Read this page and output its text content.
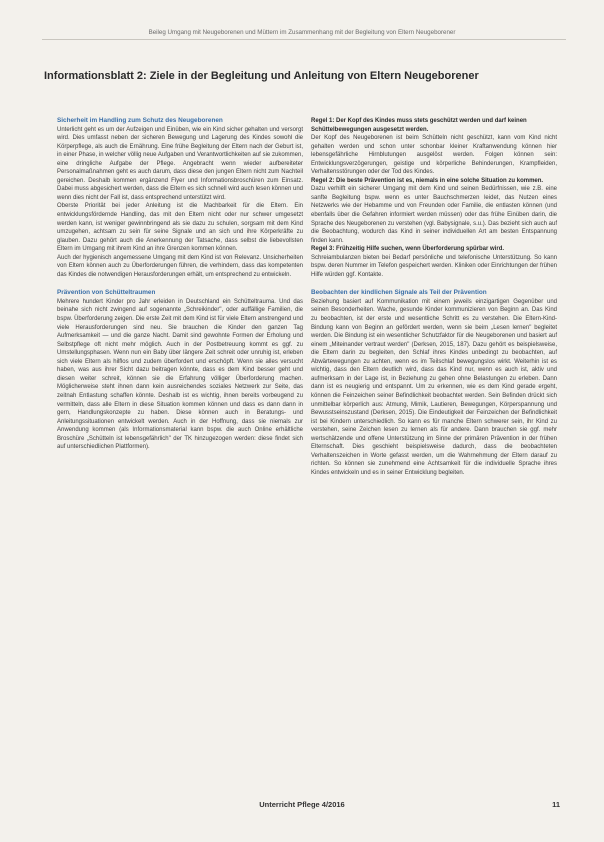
Beileg Umgang mit Neugeborenen und Müttern im Zusammenhang mit der Begleitung von Eltern Neugeborener
Informationsblatt 2: Ziele in der Begleitung und Anleitung von Eltern Neugeborener

Sicherheit im Handling zum Schutz des Neugeborenen

Unterlicht geht es um der Aufzeigen und Einüben, wie ein Kind sicher gehalten und versorgt wird. Dies umfasst neben der sicheren Bewegung und Lagerung des Kindes sowohl die Körperpflege, als auch die Ernährung. Eine frühe Begleitung der Eltern nach der Geburt ist, in einer Phase, in welcher völlig neue Aufgaben und Verantwortlichkeiten auf sie zukommen, eine dringliche Aufgabe der Pflege. Angebracht wenn wieder aufbereiteter Personalmaßnahmen geht es auch darum, dass diese den jungen Eltern nicht zum Nachteil gereichen. Deshalb kommen ergänzend Flyer und Informationsbroschüren zum Einsatz. Dabei muss abgesichert werden, dass die Eltern es sich schnell wird auch lesen können und wenn dies nicht der Fall ist, dass entsprechend unterstützt wird.

Oberste Priorität bei jeder Anleitung ist die Machbarkeit für die Eltern. Ein entwicklungsfördernde Handling, das mit den Eltern nicht oder nur schwer umgesetzt werden kann, ist weniger gewinnbringend als sie dazu zu schulen, sorgsam mit dem Kind umzugehen, achtsam zu sein für seine Signale und an sich und ihre Körperkräfte zu glauben. Dazu gehört auch die Anerkennung der Tatsache, dass selbst die liebevollsten Eltern im Umgang mit ihrem Kind an ihre Grenzen kommen können.

Auch der hygienisch angemessene Umgang mit dem Kind ist von Relevanz. Unsicherheiten von Eltern können auch zu Überforderungen führen, die verhindern, dass das kompetenten das Kindes die notwendigen Herausforderungen erhält, um entsprechend zu entwickeln.

Prävention von Schütteltraumen

Mehrere hundert Kinder pro Jahr erleiden in Deutschland ein Schütteltrauma. Und das beinahe sich nicht zwingend auf sogenannte „Schreikinder", oder auffällige Familien, die bspw. Überforderung zeigen. Die erste Zeit mit dem Kind ist für viele Eltern anstrengend und viele Herausforderungen sind neu. Sie brauchen die Kinder den ganzen Tag Aufmerksamkeit — und die ganze Nacht. Damit sind gewohnte Formen der Erholung und Selbstpflege oft nicht mehr möglich. Auch in der Postbetreuung kommt es ggf. zu Umstellungsphasen. Wenn nun ein Baby über längere Zeit schreit oder unruhig ist, erleben sich viele Eltern als hilflos und zudem überfordert und erschöpft. Wenn sie alles versucht haben, was aus ihrer Sicht dazu beitragen könnte, dass es dem Kind besser geht und diesen weiter schreit, können sie die Erfahrung völliger Überforderung machen. Möglicherweise steht ihnen dann kein ausreichendes soziales Netzwerk zur Seite, das zeitnah Entlastung schaffen könnte. Deshalb ist es wichtig, ihnen bereits vorbeugend zu vermitteln, dass alle Eltern in diese Situation kommen können und dass es dann dann in gern, Handlungskonzepte zu haben. Diese können auch in Beratungs- und Anleitungssituationen entwickelt werden. Auch in der Hoffnung, dass sie niemals zur Anwendung kommen (als Informationsmaterial kann bspw. die auch Online erhältliche Broschüre „Schütteln ist lebensgefährlich" der TK hinzugezogen werden: diese findet sich auf unterschiedlichen Plattformen).

Regel 1: Der Kopf des Kindes muss stets geschützt werden und darf keinen Schüttelbewegungen ausgesetzt werden.

Der Kopf des Neugeborenen ist beim Schütteln nicht geschützt, kann vom Kind nicht gehalten werden und schon unter schonbar kleiner Kraftanwendung können hier lebensgefährliche Hirnblutungen ausgelöst werden. Folgen können sein: Entwicklungsverzögerungen, geistige und körperliche Behinderungen, Krampfleiden, Verhaltensstörungen oder der Tod des Kindes.

Regel 2: Die beste Prävention ist es, niemals in eine solche Situation zu kommen.

Dazu verhilft ein sicherer Umgang mit dem Kind und seinen Bedürfnissen, wie z.B. eine sanfte Begleitung bspw. wenn es unter Bauchschmerzen leidet, das Nutzen eines Netzwerks wie der Hebamme und von Freunden oder Familie, die entlasten können (und ebenfalls über die Gefahren informiert werden müssen) oder das frühe Einüben darin, die Sprache des Neugeborenen zu verstehen (vgl. Babysignale, s.u.). Das bezieht sich auch auf die Beobachtung, wodurch das Kind in seiner individuellen Art am besten Entspannung finden kann.

Regel 3: Frühzeitig Hilfe suchen, wenn Überforderung spürbar wird.

Schreiambulanzen bieten bei Bedarf persönliche und telefonische Unterstützung. So kann bspw. deren Nummer im Telefon gespeichert werden. Kliniken oder Einrichtungen der frühen Hilfe würden ggf. Kontakte.

Beobachten der kindlichen Signale als Teil der Prävention

Beziehung basiert auf Kommunikation mit einem jeweils einzigartigen Gegenüber und seinen Besonderheiten. Wache, gesunde Kinder kommunizieren von Beginn an. Das Kind zu beobachten, ist der erste und wesentliche Schritt es zu verstehen. Die Eltern-Kind-Bindung kann von Beginn an gefördert werden, wenn sie beim „Lesen lernen" begleitet werden. Die Bindung ist ein wesentlicher Schutzfaktor für die Neugeborenen und basiert auf einem „Miteinander vertraut werden" (Derksen, 2015, 187). Dazu gehört es beispielsweise, die Eltern darin zu begleiten, den Schlaf ihres Kindes unbedingt zu beobachten, auf Abwärtewegungen zu achten, wenn es im Teilschlaf bewegungslos wirkt. Weiterhin ist es wichtig, dass den Eltern deutlich wird, dass das Kind nur, wenn es auch ist, aktiv und aufmerksam in der Lage ist, in Beziehung zu gehen ohne Belastungen zu erleben. Dann dann ist es neugierig und entspannt. Um zu erkennen, wie es dem Kind gerade ergeht, können die Feinzeichen seiner Befindlichkeit beobachtet werden. Sein Befinden drückt sich unmittelbar körperlich aus: Atmung, Mimik, Lautieren, Bewegungen, Körperspannung und Bewusstseinszustand (Derksen, 2015). Die Eindeutigkeit der Feinzeichen der Befindlichkeit ist bei Kindern unterschiedlich. So kann es für manche Eltern schwerer sein, ihr Kind zu verstehen, seine Zeichen lesen zu lernen als für andere. Dann brauchen sie ggf. mehr wertschätzende und offene Unterstützung im Sinne der primären Prävention in der frühen Elternschaft. Dies geschieht beispielsweise dadurch, dass die beobachteten Verhaltenszeichen in Worte gefasst werden, um die Wahrnehmung der Eltern darauf zu richten. So können sie zunehmend eine Achtsamkeit für die individuelle Sprache ihres Kindes entwickeln und es in seiner Entwicklung begleiten.

Unterricht Pflege 4/2016	11
